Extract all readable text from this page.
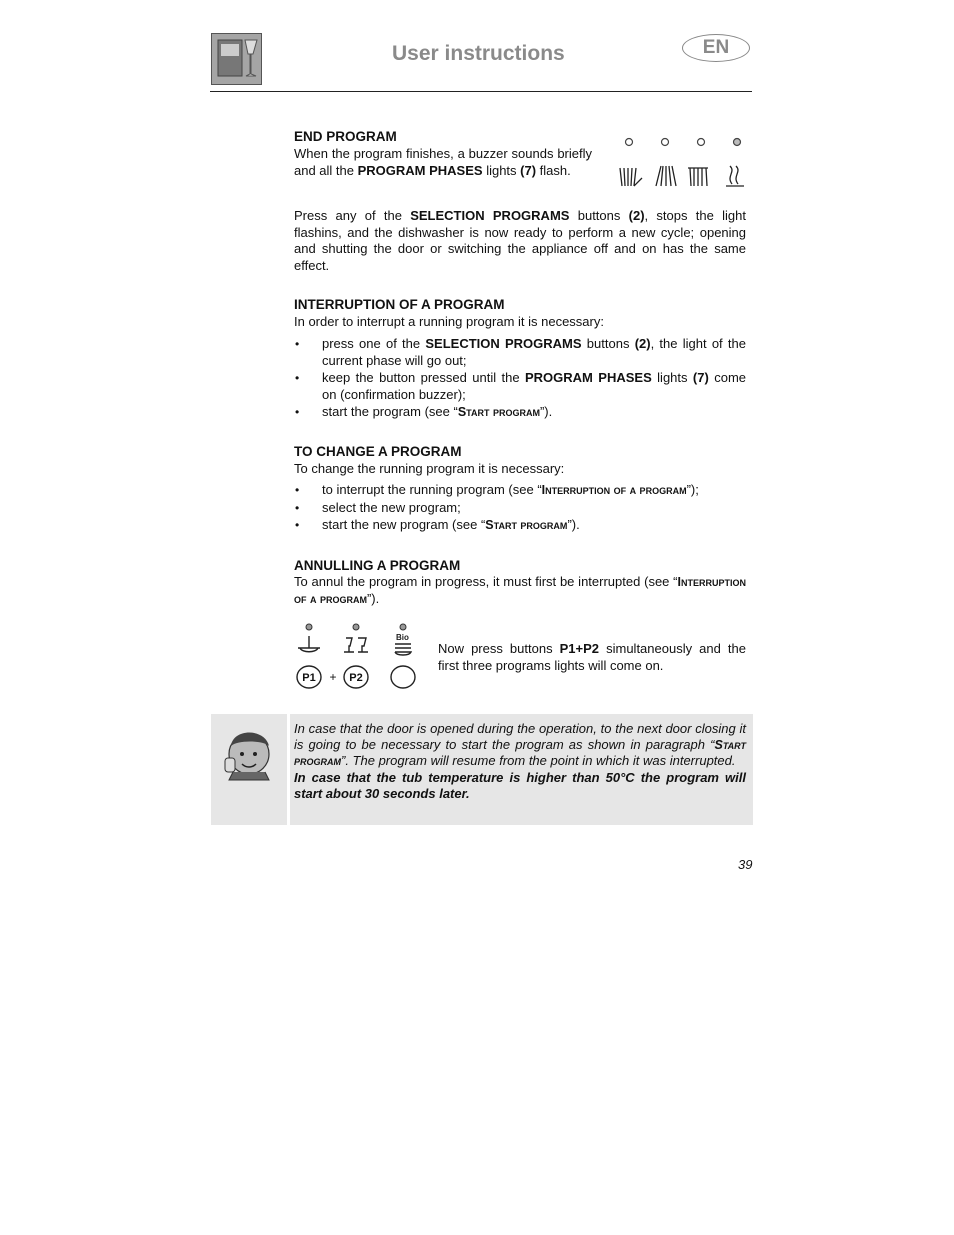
User instructions	EN
END PROGRAM
When the program finishes, a buzzer sounds briefly and all the PROGRAM PHASES lights (7) flash.
Press any of the SELECTION PROGRAMS buttons (2), stops the light flashins, and the dishwasher is now ready to perform a new cycle; opening and shutting the door or switching the appliance off and on has the same effect.
INTERRUPTION OF A PROGRAM
In order to interrupt a running program it is necessary:
• press one of the SELECTION PROGRAMS buttons (2), the light of the current phase will go out;
• keep the button pressed until the PROGRAM PHASES lights (7) come on (confirmation buzzer);
• start the program (see “Start program”).
TO CHANGE A PROGRAM
To change the running program it is necessary:
• to interrupt the running program (see “Interruption of a program”);
• select the new program;
• start the new program (see “Start program”).
ANNULLING A PROGRAM
To annul the program in progress, it must first be interrupted (see “Interruption of a program”).
Bio
P1 + P2
Now press buttons P1+P2 simultaneously and the first three programs lights will come on.
In case that the door is opened during the operation, to the next door closing it is going to be necessary to start the program as shown in paragraph “Start program”. The program will resume from the point in which it was interrupted.
In case that the tub temperature is higher than 50°C the program will start about 30 seconds later.
39
